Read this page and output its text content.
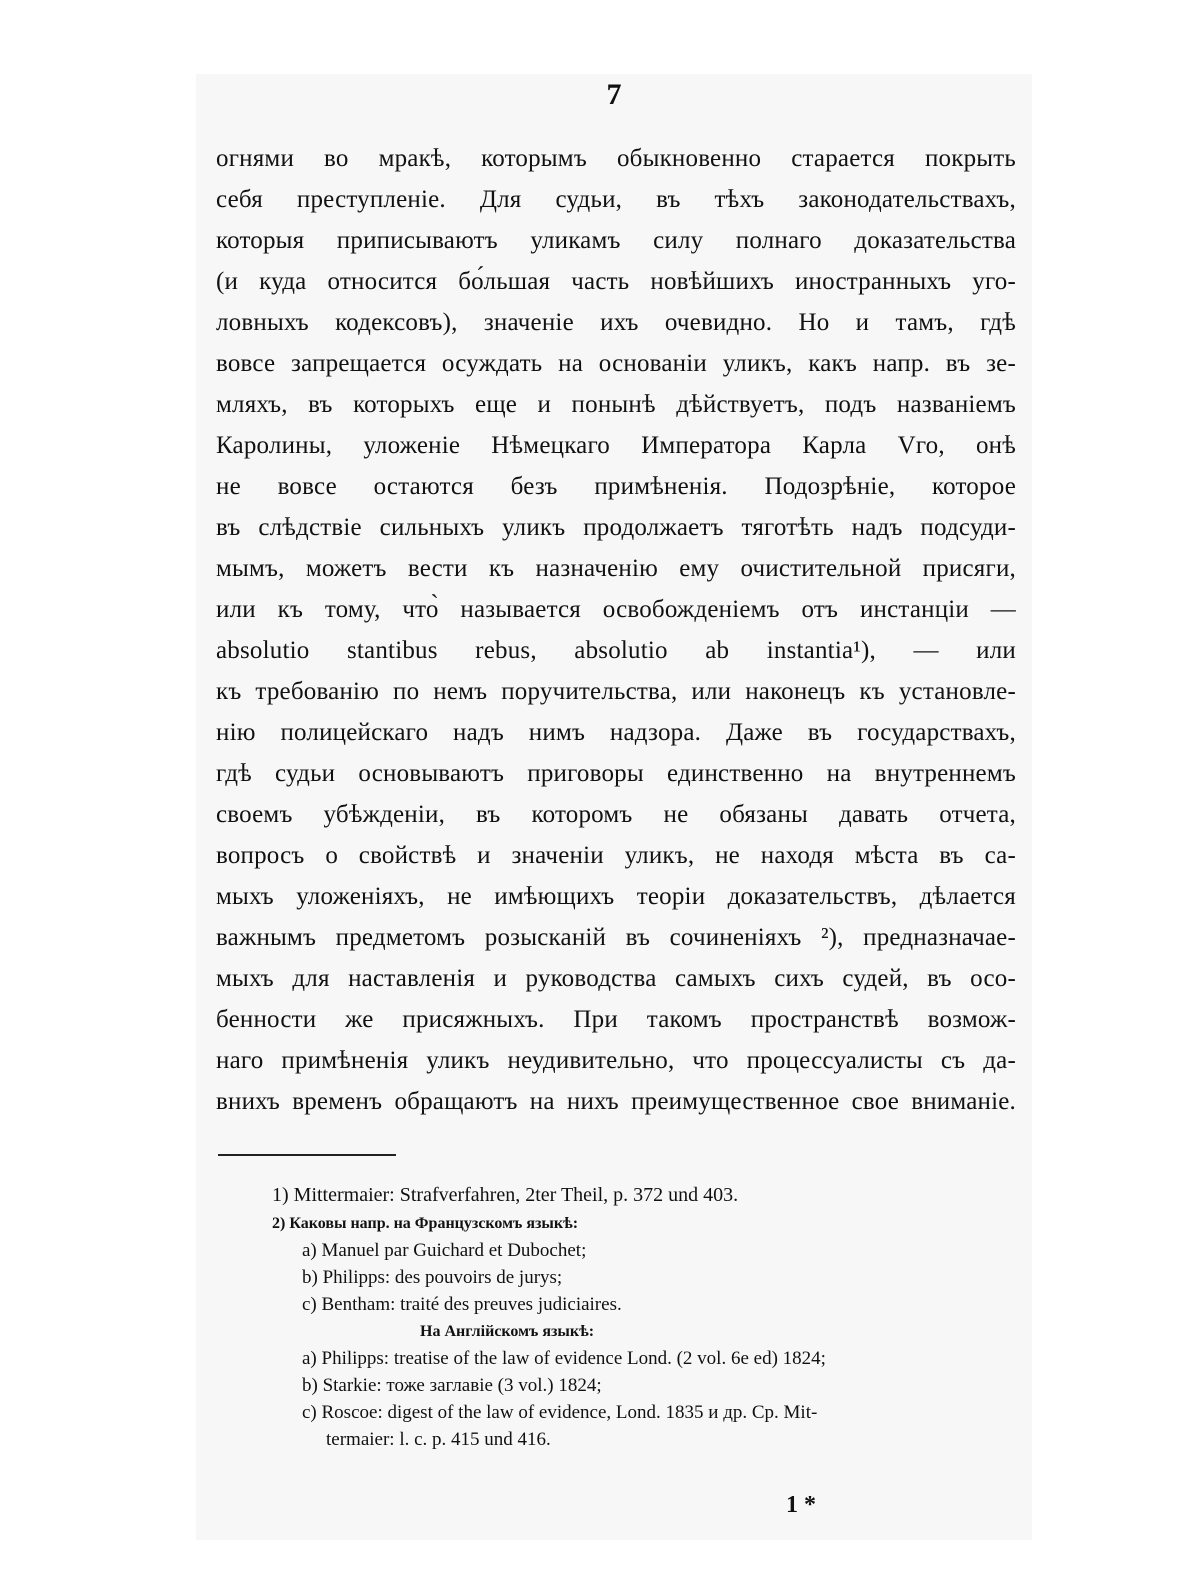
7
огнями во мракѣ, которымъ обыкновенно старается покрыть
себя преступленіе. Для судьи, въ тѣхъ законодательствахъ,
которыя приписываютъ уликамъ силу полнаго доказательства
(и куда относится бо́льшая часть новѣйшихъ иностранныхъ уго-
ловныхъ кодексовъ), значеніе ихъ очевидно. Но и тамъ, гдѣ
вовсе запрещается осуждать на основаніи уликъ, какъ напр. въ зе-
мляхъ, въ которыхъ еще и понынѣ дѣйствуетъ, подъ названіемъ
Каролины, уложеніе Нѣмецкаго Императора Карла Vго, онѣ
не вовсе остаются безъ примѣненія. Подозрѣніе, которое
въ слѣдствіе сильныхъ уликъ продолжаетъ тяготѣть надъ подсуди-
мымъ, можетъ вести къ назначенію ему очистительной присяги,
или къ тому, что̀ называется освобожденіемъ отъ инстанціи —
absolutio stantibus rebus, absolutio ab instantia¹), — или
къ требованію по немъ поручительства, или наконецъ къ установле-
нію полицейскаго надъ нимъ надзора. Даже въ государствахъ,
гдѣ судьи основываютъ приговоры единственно на внутреннемъ
своемъ убѣжденіи, въ которомъ не обязаны давать отчета,
вопросъ о свойствѣ и значеніи уликъ, не находя мѣста въ са-
мыхъ уложеніяхъ, не имѣющихъ теоріи доказательствъ, дѣлается
важнымъ предметомъ розысканій въ сочиненіяхъ ²), предназначае-
мыхъ для наставленія и руководства самыхъ сихъ судей, въ осо-
бенности же присяжныхъ. При такомъ пространствѣ возмож-
наго примѣненія уликъ неудивительно, что процессуалисты съ да-
внихъ временъ обращаютъ на нихъ преимущественное свое вниманіе.
1) Mittermaier: Strafverfahren, 2ter Theil, p. 372 und 403.
2) Каковы напр. на Французскомъ языкѣ:
a) Manuel par Guichard et Dubochet;
b) Philipps: des pouvoirs de jurys;
c) Bentham: traité des preuves judiciaires.
На Англійскомъ языкѣ:
a) Philipps: treatise of the law of evidence Lond. (2 vol. 6e ed) 1824;
b) Starkie: тоже заглавіе (3 vol.) 1824;
c) Roscoe: digest of the law of evidence, Lond. 1835 и др. Ср. Mit-
termaier: l. c. p. 415 und 416.
1 *
